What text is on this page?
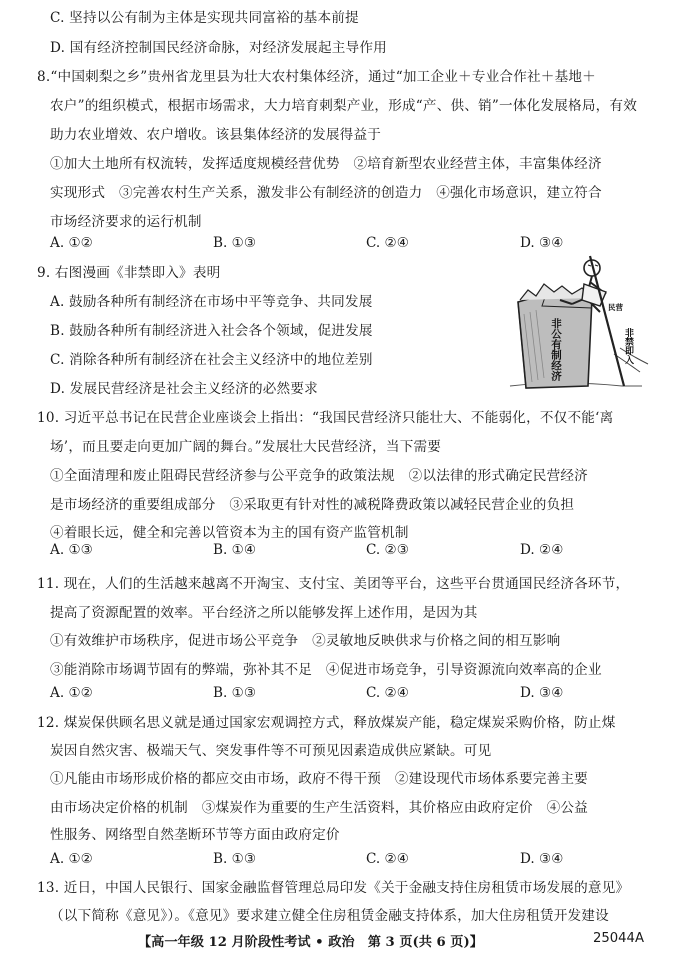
C. 坚持以公有制为主体是实现共同富裕的基本前提
D. 国有经济控制国民经济命脉，对经济发展起主导作用
8.“中国刺梨之乡”贵州省龙里县为壮大农村集体经济，通过“加工企业＋专业合作社＋基地＋
农户”的组织模式，根据市场需求，大力培育刺梨产业，形成“产、供、销”一体化发展格局，有效
助力农业增效、农户增收。该县集体经济的发展得益于
①加大土地所有权流转，发挥适度规模经营优势　②培育新型农业经营主体，丰富集体经济
实现形式　③完善农村生产关系，激发非公有制经济的创造力　④强化市场意识，建立符合
市场经济要求的运行机制
A. ①②	B. ①③	C. ②④	D. ③④
9. 右图漫画《非禁即入》表明
A. 鼓励各种所有制经济在市场中平等竞争、共同发展
B. 鼓励各种所有制经济进入社会各个领域，促进发展
C. 消除各种所有制经济在社会主义经济中的地位差别
D. 发展民营经济是社会主义经济的必然要求
民营
非公有制经济	非禁即入
10. 习近平总书记在民营企业座谈会上指出：“我国民营经济只能壮大、不能弱化，不仅不能‘离
场’，而且要走向更加广阔的舞台。”发展壮大民营经济，当下需要
①全面清理和废止阻碍民营经济参与公平竞争的政策法规　②以法律的形式确定民营经济
是市场经济的重要组成部分　③采取更有针对性的减税降费政策以减轻民营企业的负担
④着眼长远，健全和完善以管资本为主的国有资产监管机制
A. ①③	B. ①④	C. ②③	D. ②④
11. 现在，人们的生活越来越离不开淘宝、支付宝、美团等平台，这些平台贯通国民经济各环节，
提高了资源配置的效率。平台经济之所以能够发挥上述作用，是因为其
①有效维护市场秩序，促进市场公平竞争　②灵敏地反映供求与价格之间的相互影响
③能消除市场调节固有的弊端，弥补其不足　④促进市场竞争，引导资源流向效率高的企业
A. ①②	B. ①③	C. ②④	D. ③④
12. 煤炭保供顾名思义就是通过国家宏观调控方式，释放煤炭产能，稳定煤炭采购价格，防止煤
炭因自然灾害、极端天气、突发事件等不可预见因素造成供应紧缺。可见
①凡能由市场形成价格的都应交由市场，政府不得干预　②建设现代市场体系要完善主要
由市场决定价格的机制　③煤炭作为重要的生产生活资料，其价格应由政府定价　④公益
性服务、网络型自然垄断环节等方面由政府定价
A. ①②	B. ①③	C. ②④	D. ③④
13. 近日，中国人民银行、国家金融监督管理总局印发《关于金融支持住房租赁市场发展的意见》
（以下简称《意见》）。《意见》要求建立健全住房租赁金融支持体系，加大住房租赁开发建设
【高一年级 12 月阶段性考试 • 政治　第 3 页(共 6 页)】	25044A
